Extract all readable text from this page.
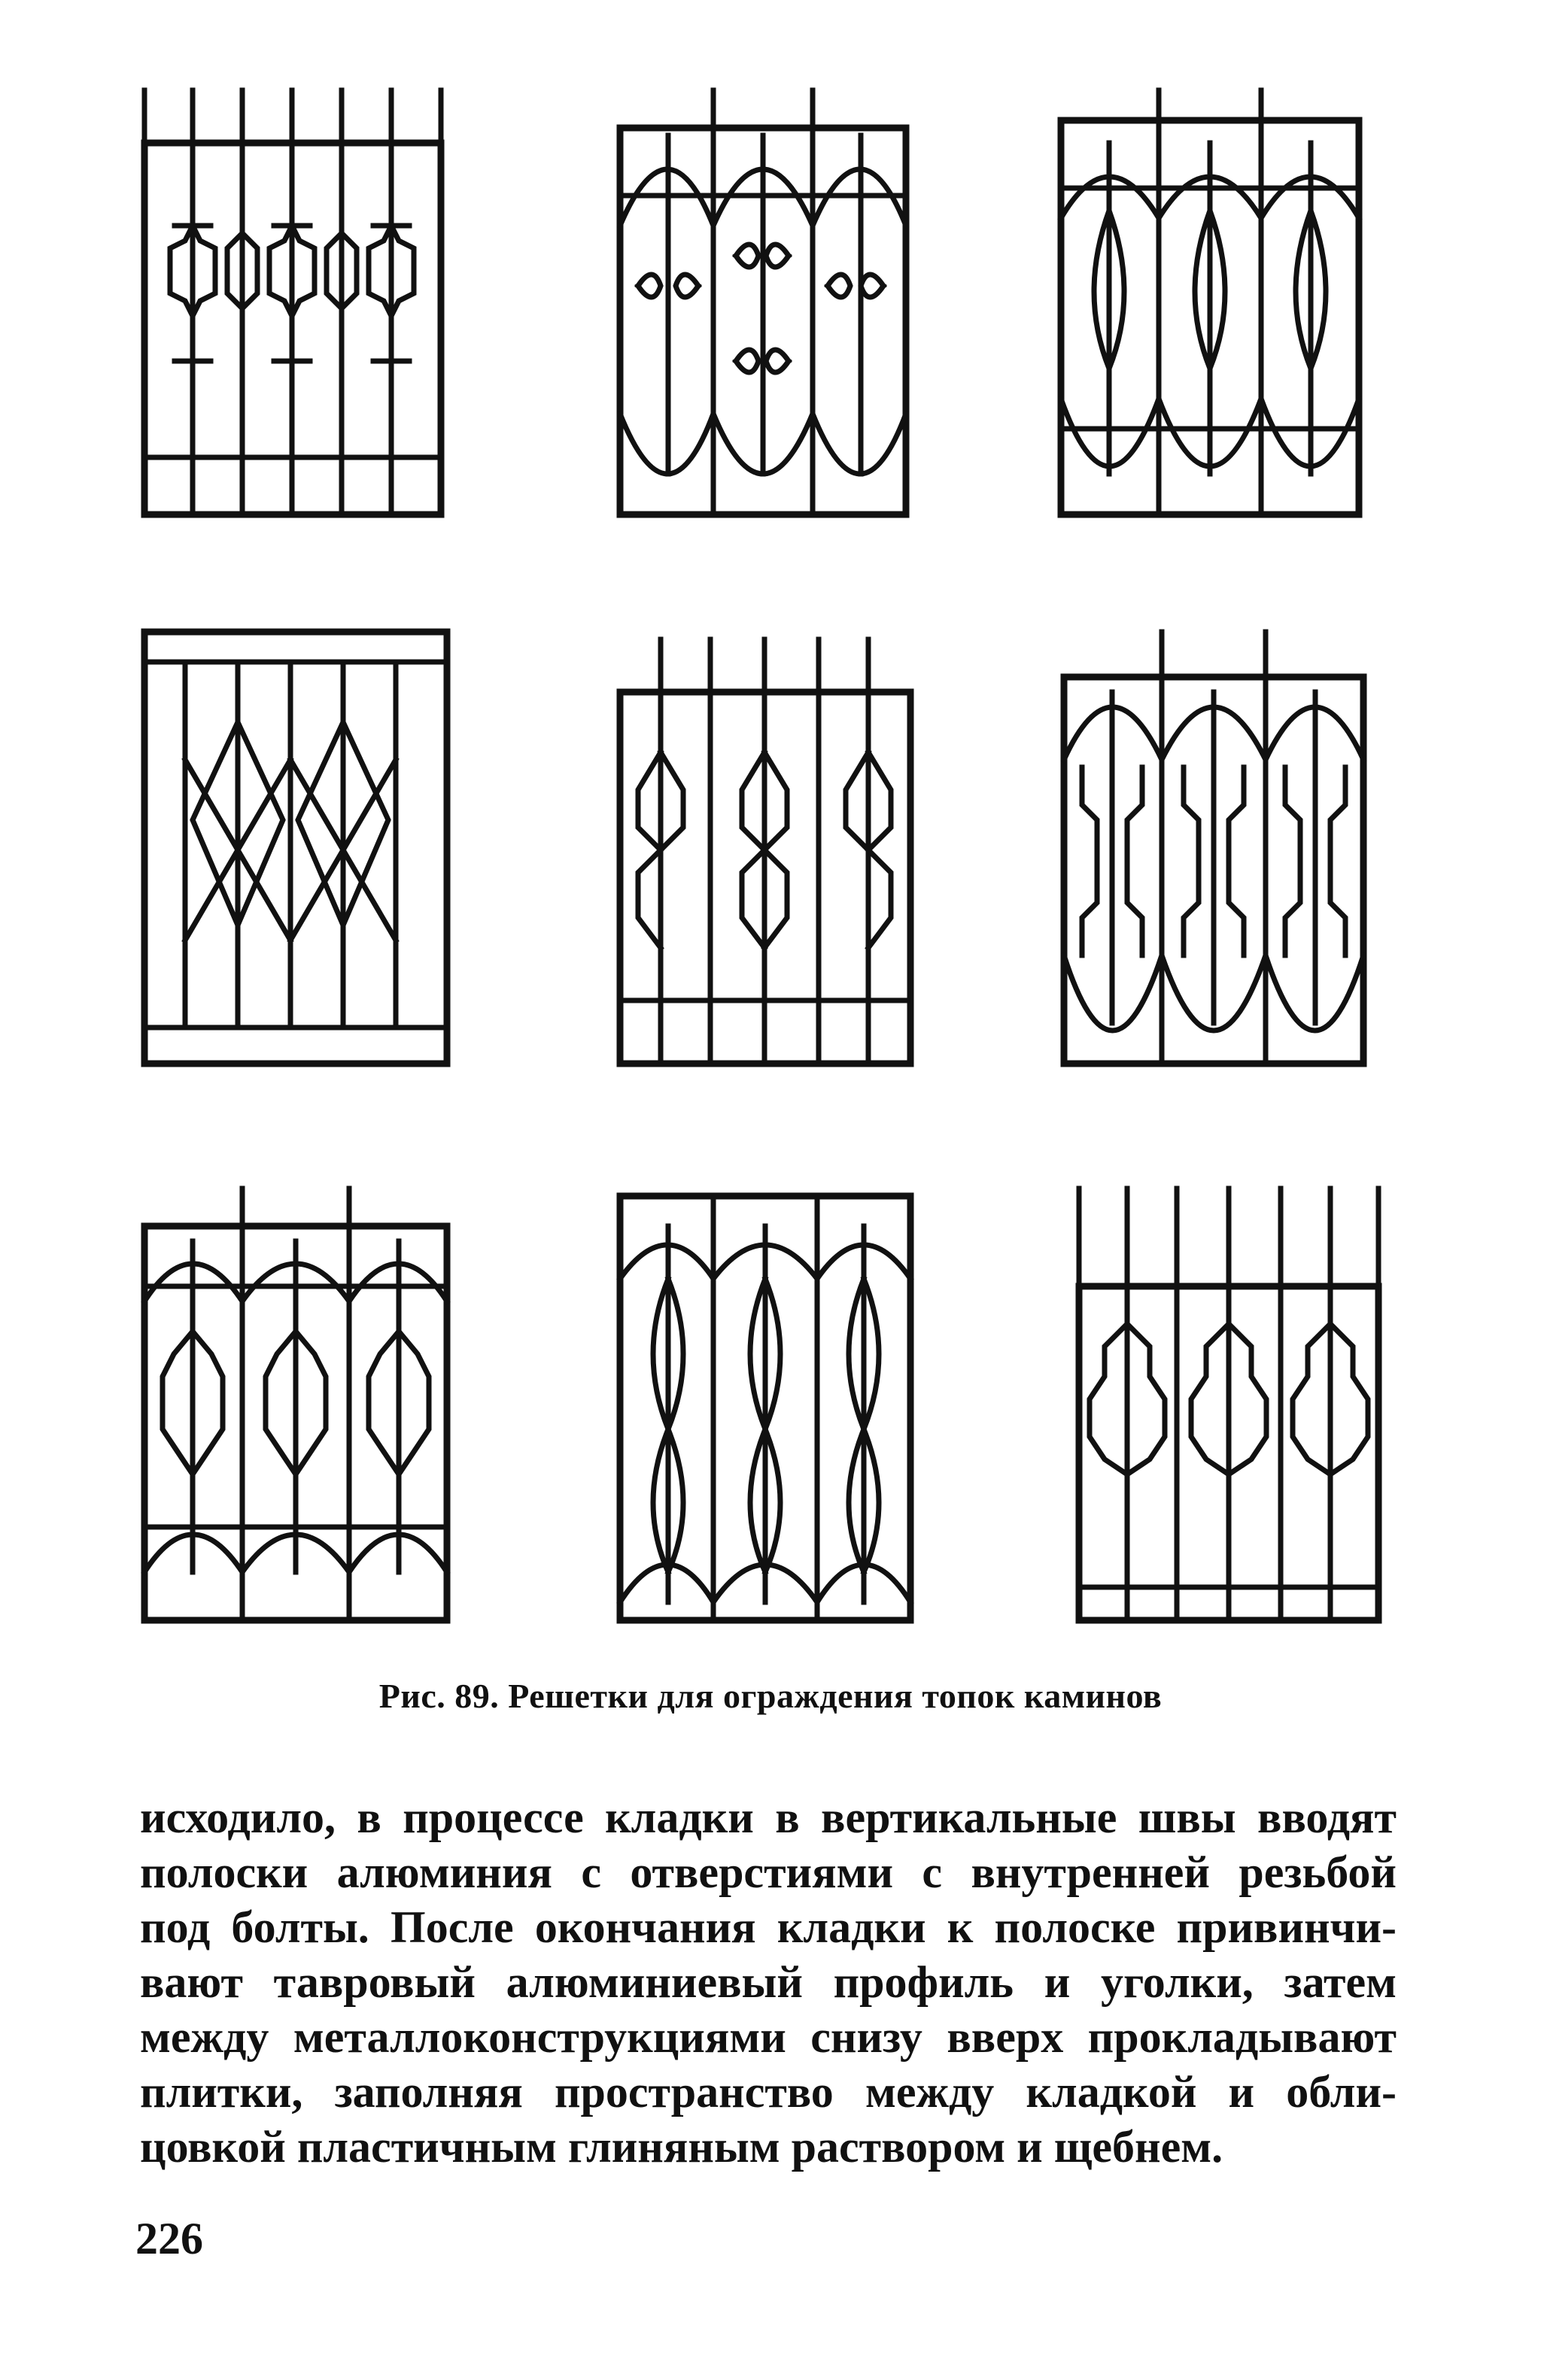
Рис. 89. Решетки для ограждения топок каминов
исходило, в процессе кладки в вертикальные швы вводят
полоски алюминия с отверстиями с внутренней резьбой
под болты. После окончания кладки к полоске привинчи-
вают тавровый алюминиевый профиль и уголки, затем
между металлоконструкциями снизу вверх прокладывают
плитки, заполняя пространство между кладкой и обли-
цовкой пластичным глиняным раствором и щебнем.
226
